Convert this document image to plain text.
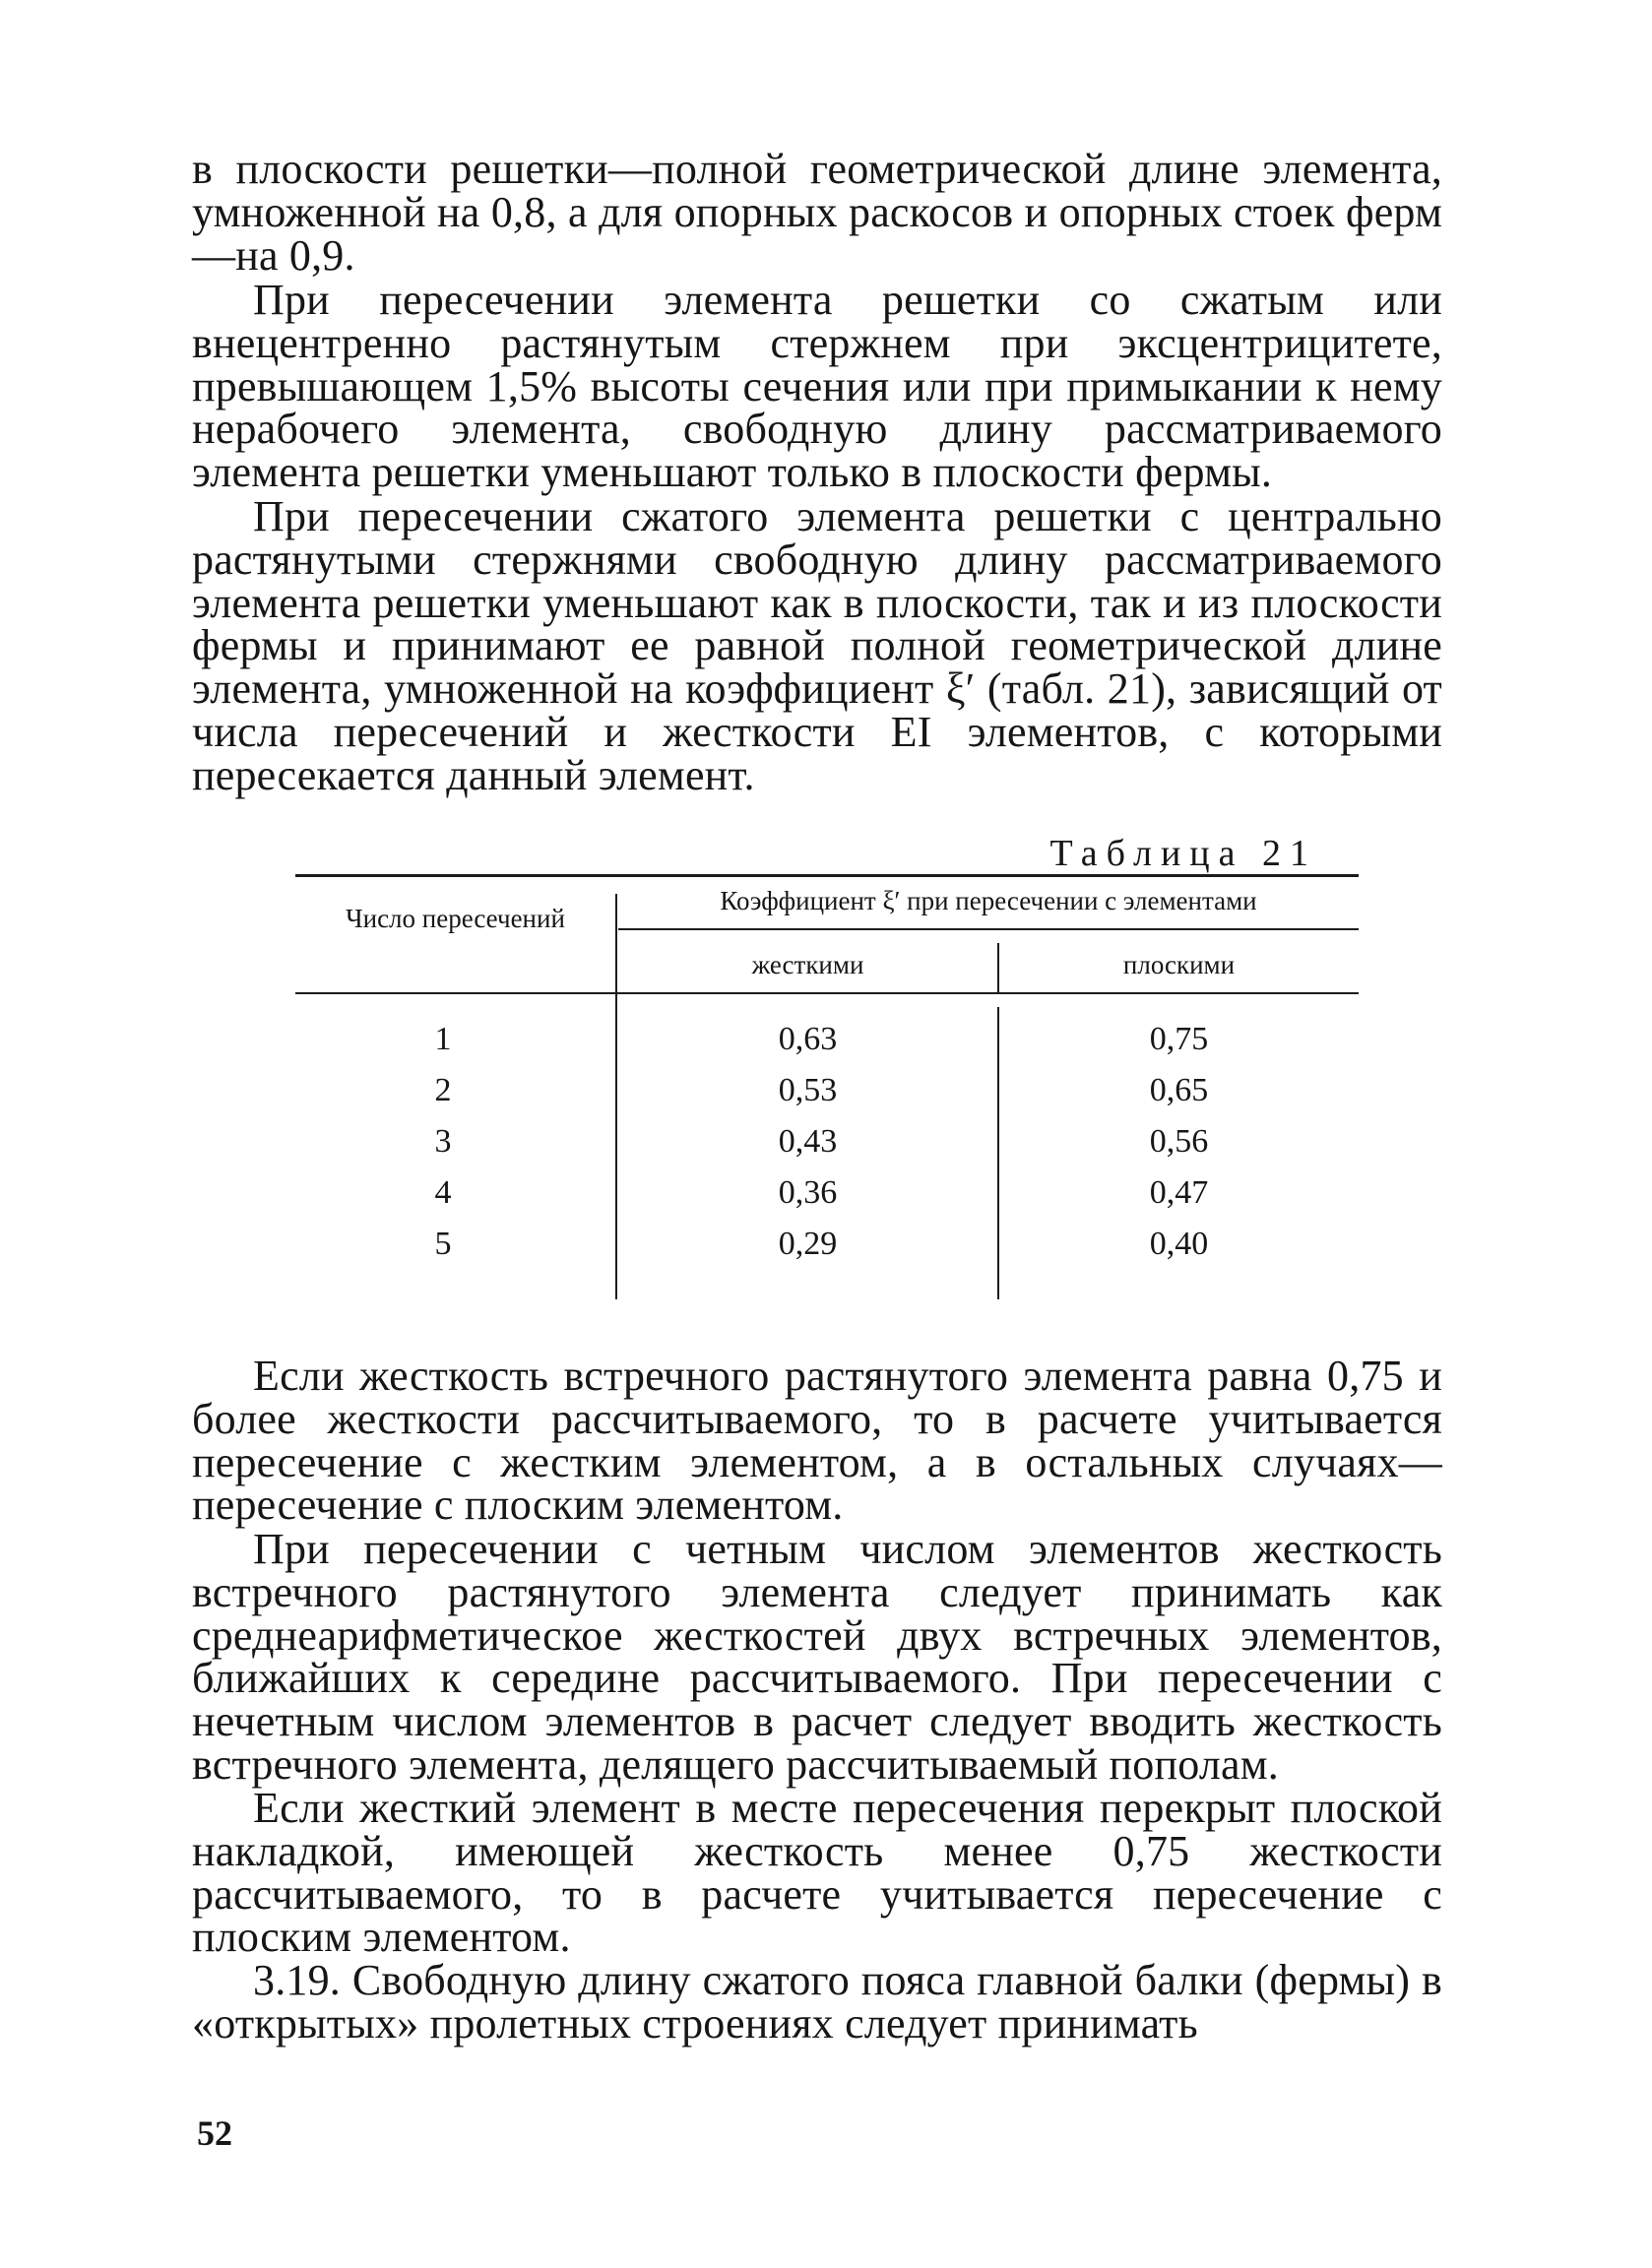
в плоскости решетки—полной геометрической длине элемента, умноженной на 0,8, а для опорных раскосов и опорных стоек ферм—на 0,9.

При пересечении элемента решетки со сжатым или внецентренно растянутым стержнем при эксцентрицитете, превышающем 1,5% высоты сечения или при примыкании к нему нерабочего элемента, свободную длину рассматриваемого элемента решетки уменьшают только в плоскости фермы.

При пересечении сжатого элемента решетки с центрально растянутыми стержнями свободную длину рассматриваемого элемента решетки уменьшают как в плоскости, так и из плоскости фермы и принимают ее равной полной геометрической длине элемента, умноженной на коэффициент ξ′ (табл. 21), зависящий от числа пересечений и жесткости EI элементов, с которыми пересекается данный элемент.

Таблица 21
Число пересечений
Коэффициент ξ′ при пересечении с элементами
жесткими	плоскими
1	0,63	0,75
2	0,53	0,65
3	0,43	0,56
4	0,36	0,47
5	0,29	0,40

Если жесткость встречного растянутого элемента равна 0,75 и более жесткости рассчитываемого, то в расчете учитывается пересечение с жестким элементом, а в остальных случаях—пересечение с плоским элементом.

При пересечении с четным числом элементов жесткость встречного растянутого элемента следует принимать как среднеарифметическое жесткостей двух встречных элементов, ближайших к середине рассчитываемого. При пересечении с нечетным числом элементов в расчет следует вводить жесткость встречного элемента, делящего рассчитываемый пополам.

Если жесткий элемент в месте пересечения перекрыт плоской накладкой, имеющей жесткость менее 0,75 жесткости рассчитываемого, то в расчете учитывается пересечение с плоским элементом.

3.19. Свободную длину сжатого пояса главной балки (фермы) в «открытых» пролетных строениях следует принимать

52
